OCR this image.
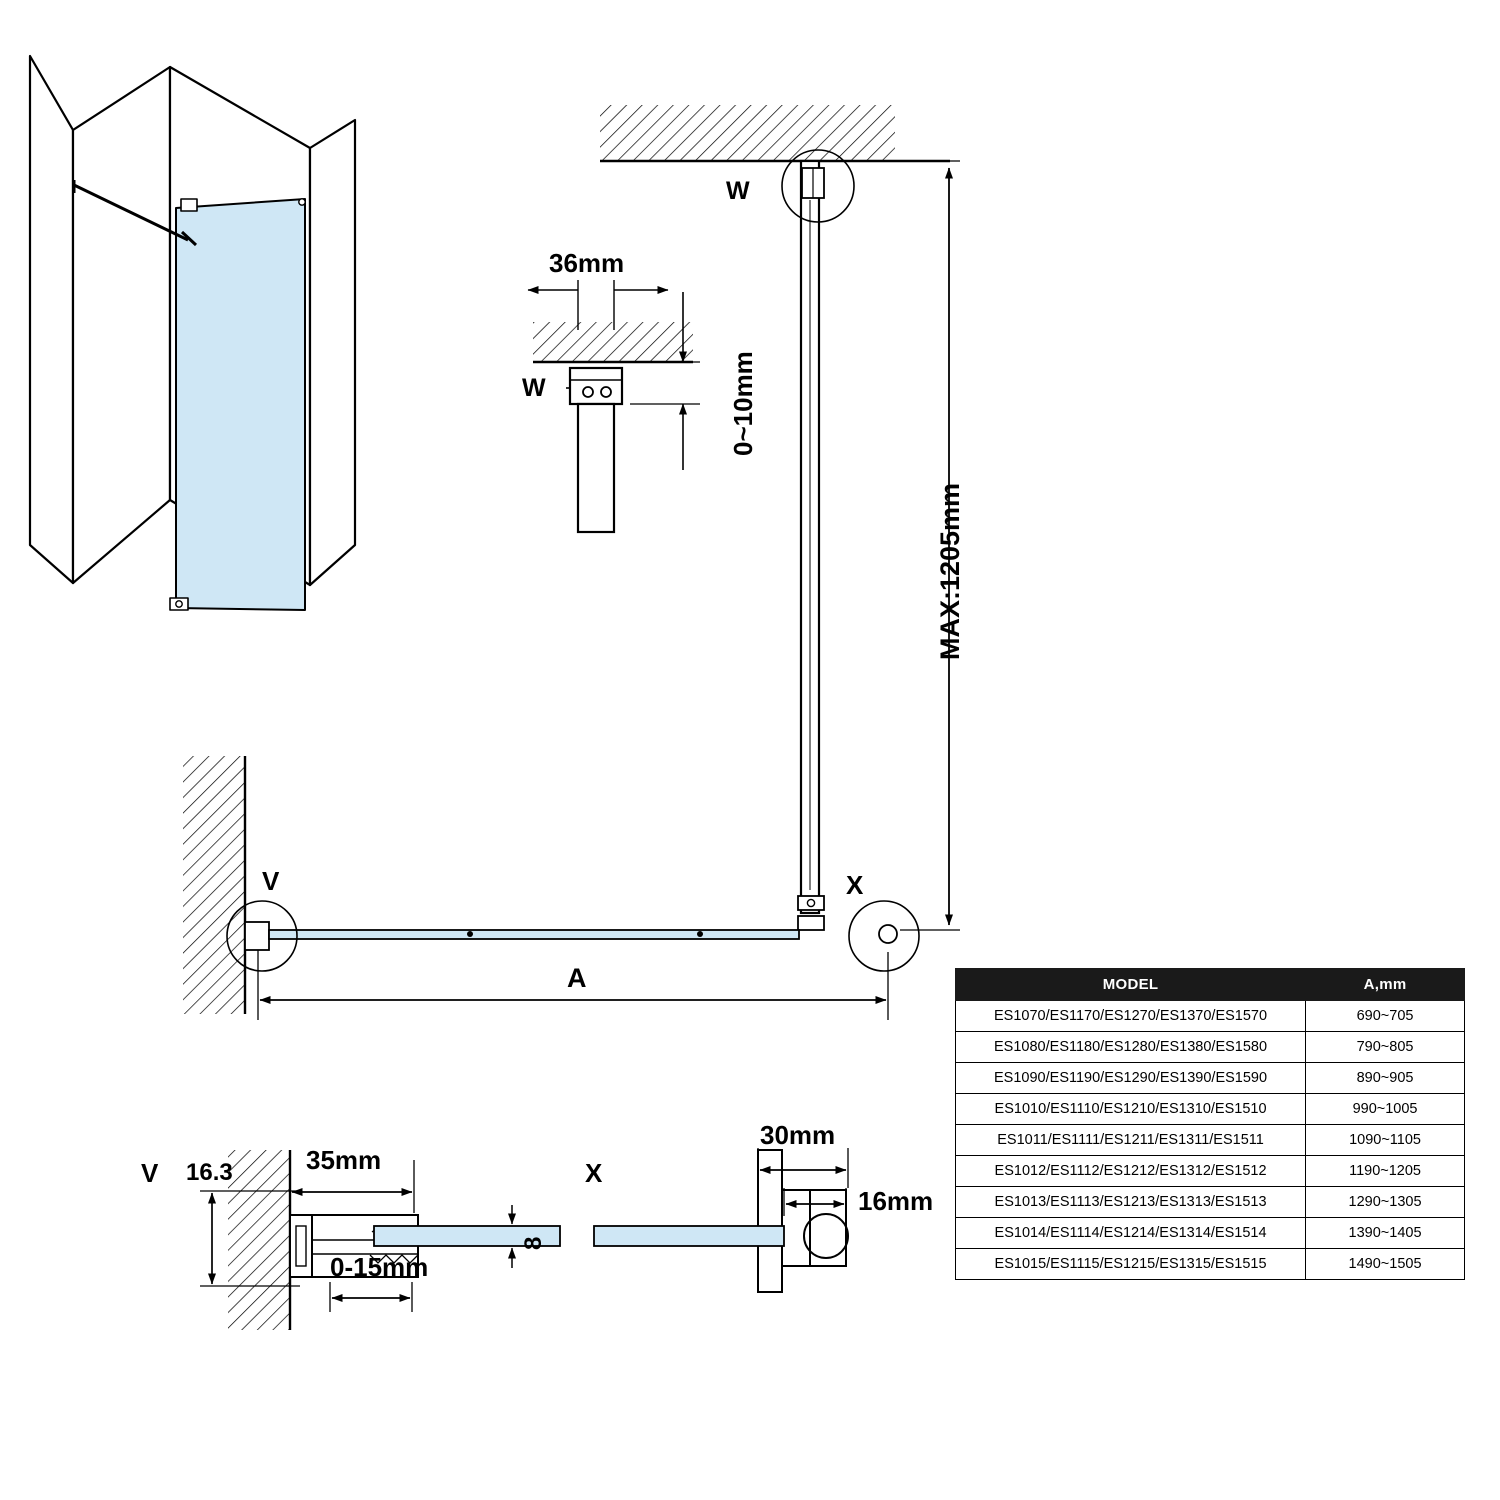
W
W
36mm
0~10mm
MAX:1205mm
V	X
A
V 16.3	35mm
8
0-15mm
X
30mm
16mm
MODEL	A,mm
ES1070/ES1170/ES1270/ES1370/ES1570	690~705
ES1080/ES1180/ES1280/ES1380/ES1580	790~805
ES1090/ES1190/ES1290/ES1390/ES1590	890~905
ES1010/ES1110/ES1210/ES1310/ES1510	990~1005
ES1011/ES1111/ES1211/ES1311/ES1511	1090~1105
ES1012/ES1112/ES1212/ES1312/ES1512	1190~1205
ES1013/ES1113/ES1213/ES1313/ES1513	1290~1305
ES1014/ES1114/ES1214/ES1314/ES1514	1390~1405
ES1015/ES1115/ES1215/ES1315/ES1515	1490~1505
